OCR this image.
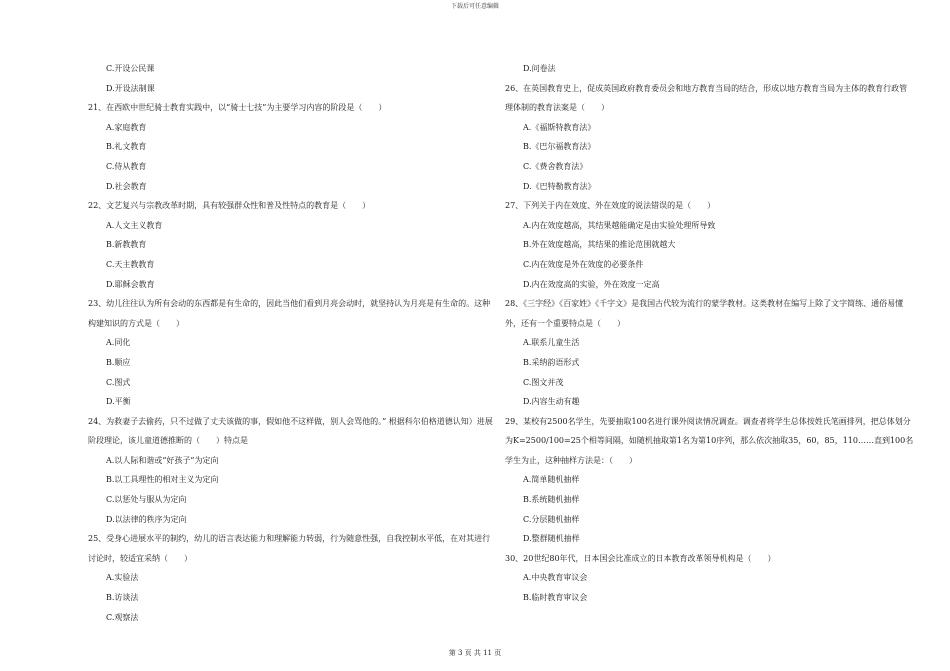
下载后可任意编辑
C.开设公民课
D.开设法制课
21、在西欧中世纪骑士教育实践中，以“骑士七技”为主要学习内容的阶段是（　　）
A.家庭教育
B.礼文教育
C.侍从教育
D.社会教育
22、文艺复兴与宗教改革时期，具有较强群众性和普及性特点的教育是（　　）
A.人文主义教育
B.新教教育
C.天主教教育
D.耶稣会教育
23、幼儿往往认为所有会动的东西都是有生命的，因此当他们看到月亮会动时，就坚持认为月亮是有生命的。这种构建知识的方式是（　　）
A.同化
B.顺应
C.图式
D.平衡
24、为救妻子去偷药，只不过做了丈夫该做的事，假如他不这样做，别人会骂他的。” 根据科尔伯格道德认知）进展阶段理论，该儿童道德推断的（　　）特点是
A.以人际和谐或“好孩子”为定向
B.以工具理性的相对主义为定向
C.以惩处与服从为定向
D.以法律的秩序为定向
25、受身心进展水平的制约，幼儿的语言表达能力和理解能力转弱，行为随意性强，自我控制水平低，在对其进行讨论时，较适宜采纳（　　）
A.实验法
B.访谈法
C.观察法
D.问卷法
26、在英国教育史上，促成英国政府教育委员会和地方教育当局的结合，形成以地方教育当局为主体的教育行政管理体制的教育法案是（　　）
A.《福斯特教育法》
B.《巴尔福教育法》
C.《费舍教育法》
D.《巴特勒教育法》
27、下列关于内在效度、外在效度的说法错误的是（　　）
A.内在效度越高，其结果越能确定是由实验处理所导致
B.外在效度越高，其结果的推论范围就越大
C.内在效度是外在效度的必要条件
D.内在效度高的实验，外在效度一定高
28、《三字经》《百家姓》《千字文》是我国古代较为流行的蒙学教材。这类教材在编写上除了文字简练、通俗易懂外，还有一个重要特点是（　　）
A.联系儿童生活
B.采纳韵语形式
C.图文并茂
D.内容生动有趣
29、某校有2500名学生，先要抽取100名进行课外阅读情况调查。调查者将学生总体按姓氏笔画排列，把总体划分为K=2500/100=25个相等间隔，如随机抽取第1名为第10序列，那么依次抽取35，60，85，110……直到100名学生为止，这种抽样方法是：（　　）
A.简单随机抽样
B.系统随机抽样
C.分层随机抽样
D.整群随机抽样
30、20世纪80年代，日本国会比准成立的日本教育改革领导机构是（　　）
A.中央教育审议会
B.临时教育审议会
第 3 页 共 11 页
